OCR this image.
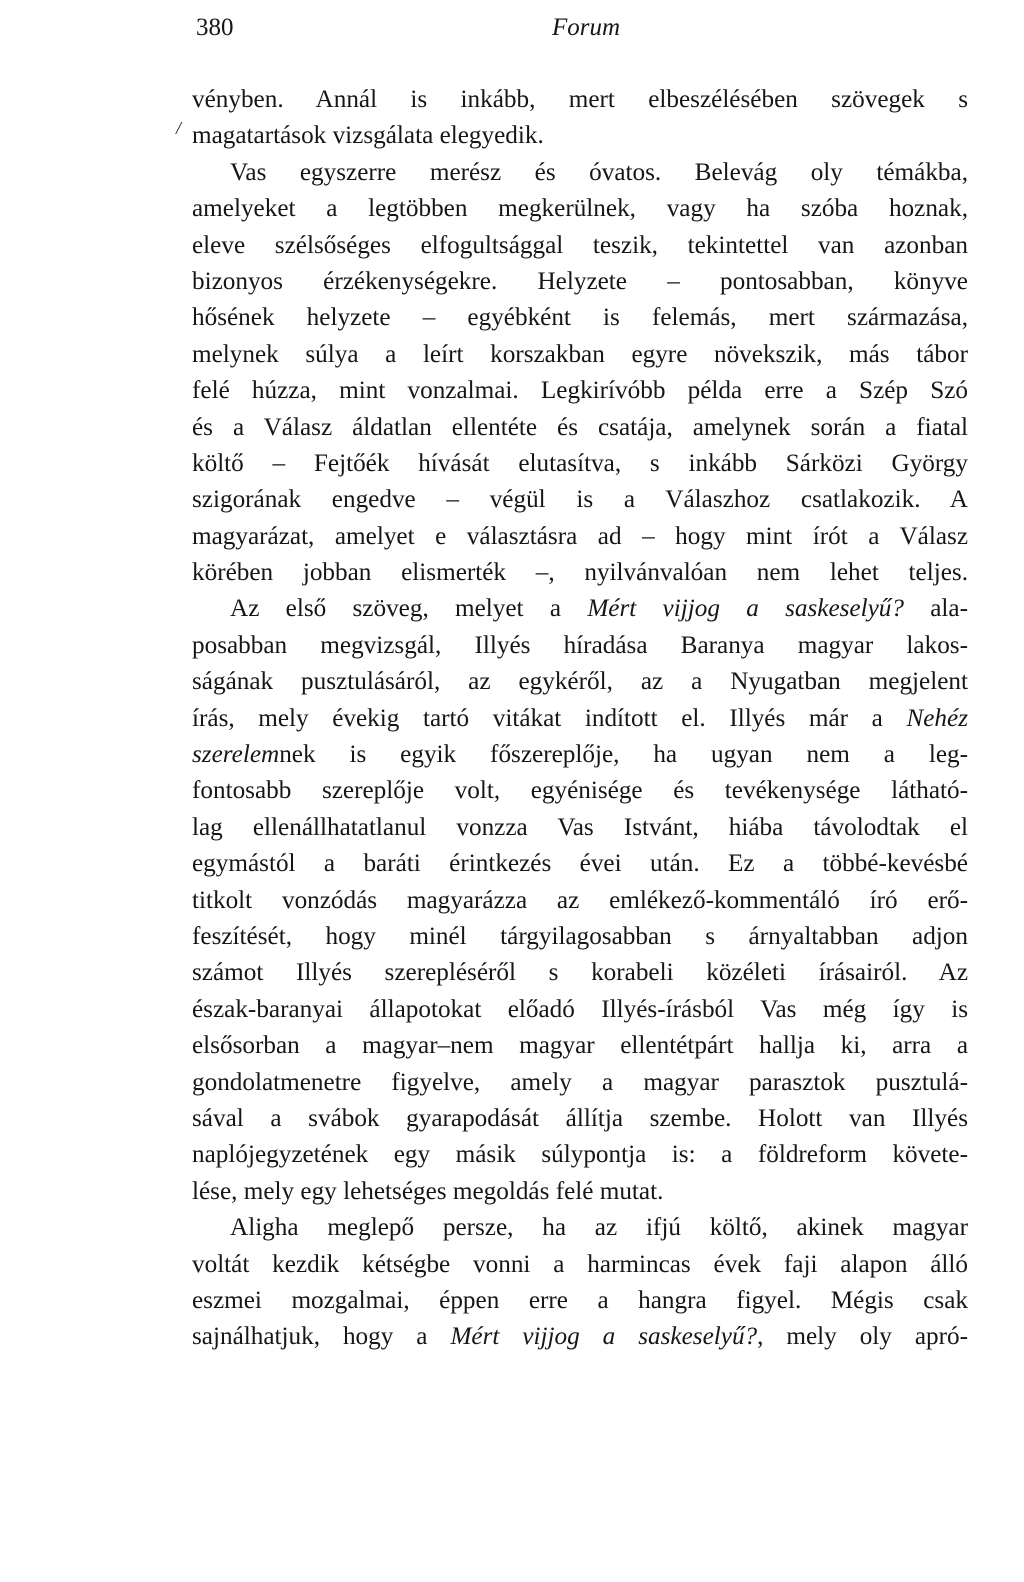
380	Forum
/
vényben. Annál is inkább, mert elbeszélésében szövegek s
magatartások vizsgálata elegyedik.
Vas egyszerre merész és óvatos. Belevág oly témákba,
amelyeket a legtöbben megkerülnek, vagy ha szóba hoznak,
eleve szélsőséges elfogultsággal teszik, tekintettel van azonban
bizonyos érzékenységekre. Helyzete – pontosabban, könyve
hősének helyzete – egyébként is felemás, mert származása,
melynek súlya a leírt korszakban egyre növekszik, más tábor
felé húzza, mint vonzalmai. Legkirívóbb példa erre a Szép Szó
és a Válasz áldatlan ellentéte és csatája, amelynek során a fiatal
költő – Fejtőék hívását elutasítva, s inkább Sárközi György
szigorának engedve – végül is a Válaszhoz csatlakozik. A
magyarázat, amelyet e választásra ad – hogy mint írót a Válasz
körében jobban elismerték –, nyilvánvalóan nem lehet teljes.
Az első szöveg, melyet a Mért vijjog a saskeselyű? ala-
posabban megvizsgál, Illyés híradása Baranya magyar lakos-
ságának pusztulásáról, az egykéről, az a Nyugatban megjelent
írás, mely évekig tartó vitákat indított el. Illyés már a Nehéz
szerelemnek is egyik főszereplője, ha ugyan nem a leg-
fontosabb szereplője volt, egyénisége és tevékenysége látható-
lag ellenállhatatlanul vonzza Vas Istvánt, hiába távolodtak el
egymástól a baráti érintkezés évei után. Ez a többé-kevésbé
titkolt vonzódás magyarázza az emlékező-kommentáló író erő-
feszítését, hogy minél tárgyilagosabban s árnyaltabban adjon
számot Illyés szerepléséről s korabeli közéleti írásairól. Az
észak-baranyai állapotokat előadó Illyés-írásból Vas még így is
elsősorban a magyar–nem magyar ellentétpárt hallja ki, arra a
gondolatmenetre figyelve, amely a magyar parasztok pusztulá-
sával a svábok gyarapodását állítja szembe. Holott van Illyés
naplójegyzetének egy másik súlypontja is: a földreform követe-
lése, mely egy lehetséges megoldás felé mutat.
Aligha meglepő persze, ha az ifjú költő, akinek magyar
voltát kezdik kétségbe vonni a harmincas évek faji alapon álló
eszmei mozgalmai, éppen erre a hangra figyel. Mégis csak
sajnálhatjuk, hogy a Mért vijjog a saskeselyű?, mely oly apró-
